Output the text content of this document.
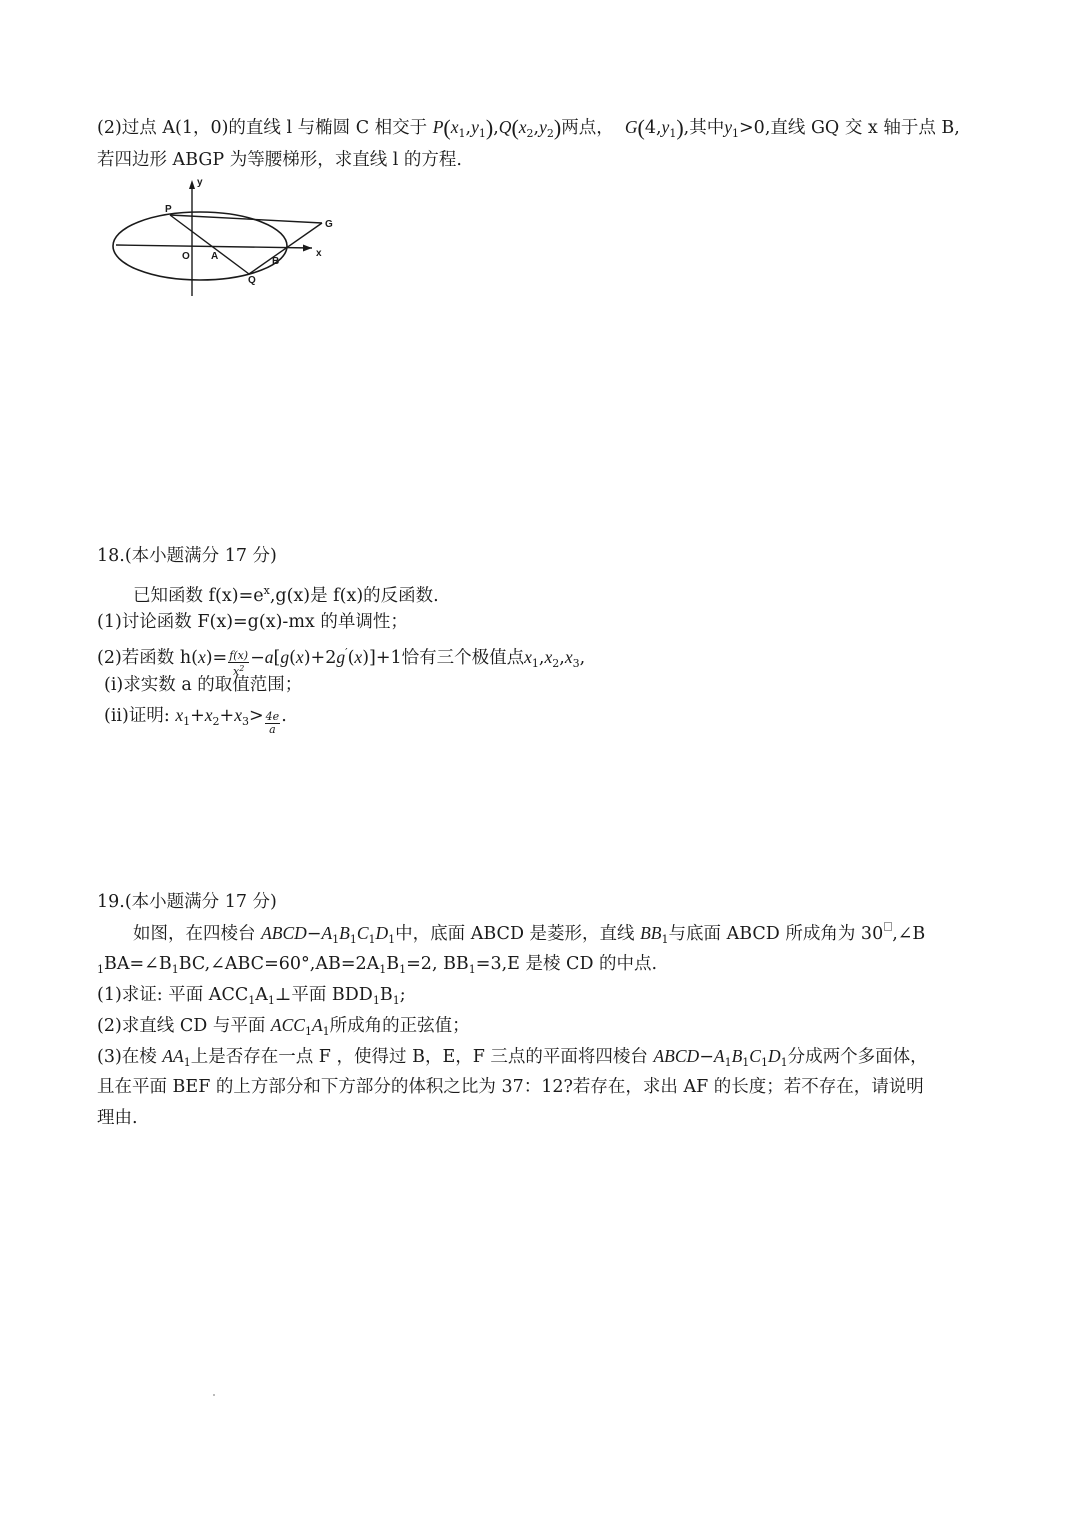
(2)过点 A(1，0)的直线 l 与椭圆 C 相交于 $P(x_1,y_1),Q(x_2,y_2)$两点， $G(4,y_1)$,其中$y_1>0$,直线 GQ 交 x 轴于点 B,
若四边形 ABGP 为等腰梯形，求直线 l 的方程.
y
x
P
G
O A	B
Q
18.(本小题满分 17 分)
已知函数 $f(x)=e^x,g(x)$是 f(x)的反函数.
(1)讨论函数 F(x)=g(x)-mx 的单调性；
(2)若函数 $h(x)= \frac{f(x)}{x^2} -a[g(x)+2g'(x)]+1$恰有三个极值点$x_1,x_2,x_3$,
(i)求实数 a 的取值范围；
(ii)证明: $x_1+x_2+x_3> \frac{4e}{a}$ .
19.(本小题满分 17 分)
如图，在四棱台 $ABCD-A_1B_1C_1D_1$中，底面 ABCD 是菱形，直线 $BB_1$与底面 ABCD 所成角为 30 ,∠B
$_1BA=\angle B_1BC,\angle ABC=60^\circ,AB=2A_1B_1=2$, $BB_1=3,E$ 是棱 CD 的中点.
(1)求证: 平面 $ACC_1A_1\perp$平面 $BDD_1B_1$;
(2)求直线 CD 与平面 $ACC_1A_1$所成角的正弦值；
(3)在棱 $AA_1$上是否存在一点 F ，使得过 B，E，F 三点的平面将四棱台 $ABCD-A_1B_1C_1D_1$分成两个多面体，
且在平面 BEF 的上方部分和下方部分的体积之比为 37：12?若存在，求出 AF 的长度；若不存在，请说明
理由.
